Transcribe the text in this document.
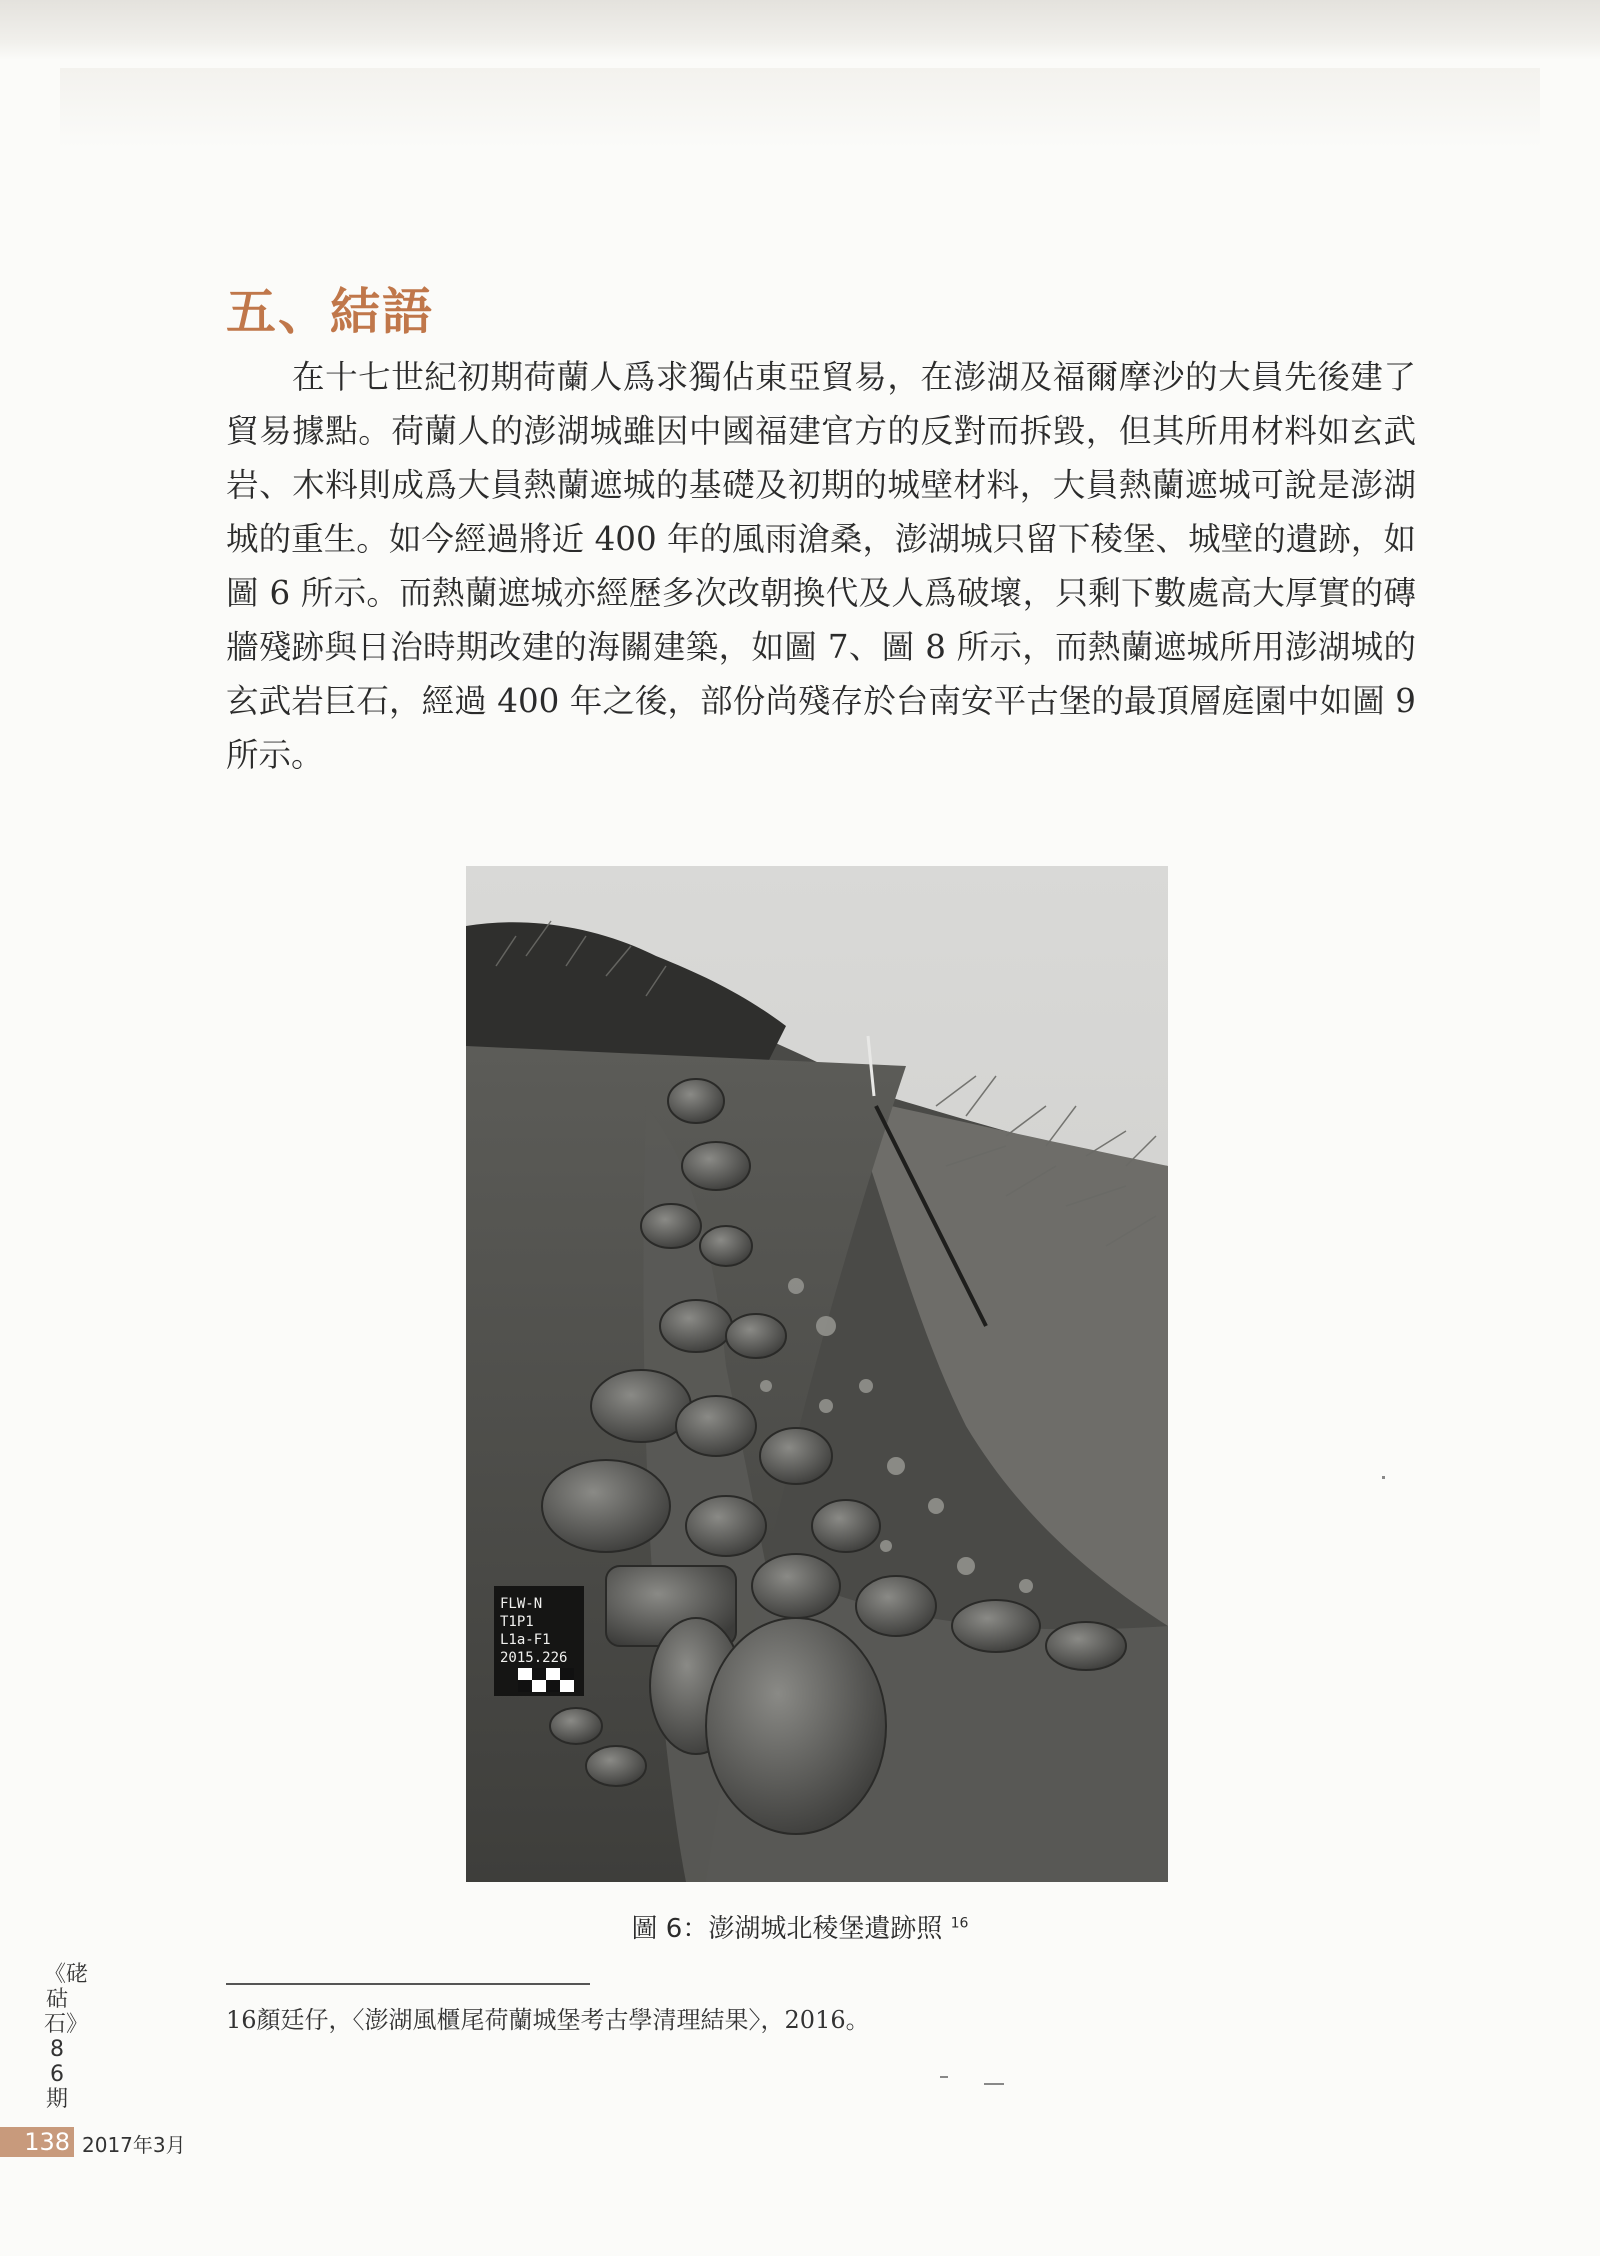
五、結語

在十七世紀初期荷蘭人爲求獨佔東亞貿易，在澎湖及福爾摩沙的大員先後建了貿易據點。荷蘭人的澎湖城雖因中國福建官方的反對而拆毀，但其所用材料如玄武岩、木料則成爲大員熱蘭遮城的基礎及初期的城壁材料，大員熱蘭遮城可說是澎湖城的重生。如今經過將近 400 年的風雨滄桑，澎湖城只留下稜堡、城壁的遺跡，如圖 6 所示。而熱蘭遮城亦經歷多次改朝換代及人爲破壞，只剩下數處高大厚實的磚牆殘跡與日治時期改建的海關建築，如圖 7、圖 8 所示，而熱蘭遮城所用澎湖城的玄武岩巨石，經過 400 年之後，部份尚殘存於台南安平古堡的最頂層庭園中如圖 9 所示。

FLW-N
T1P1
L1a-F1
2015.226
圖 6：澎湖城北稜堡遺跡照 $^{16}$

16顏廷仔，〈澎湖風櫃尾荷蘭城堡考古學清理結果〉，2016。

《硓𥑮石》86期
138 2017年3月
